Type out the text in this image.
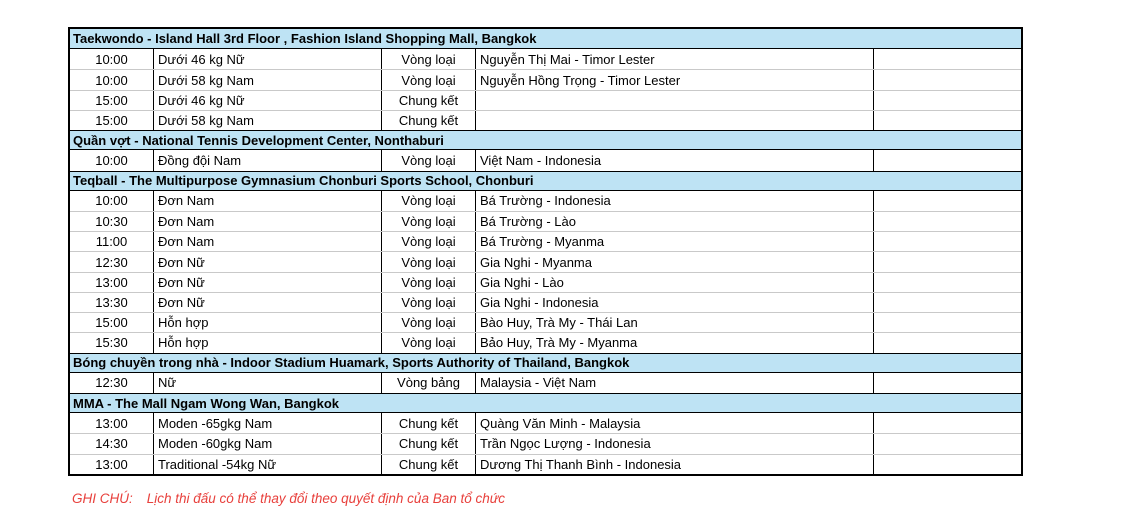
Taekwondo - Island Hall 3rd Floor , Fashion Island Shopping Mall, Bangkok
10:00	Dưới 46 kg Nữ	Vòng loại	Nguyễn Thị Mai - Timor Lester
10:00	Dưới 58 kg Nam	Vòng loại	Nguyễn Hồng Trọng - Timor Lester
15:00	Dưới 46 kg Nữ	Chung kết
15:00	Dưới 58 kg Nam	Chung kết
Quần vợt - National Tennis Development Center, Nonthaburi
10:00	Đồng đội Nam	Vòng loại	Việt Nam - Indonesia
Teqball - The Multipurpose Gymnasium Chonburi Sports School, Chonburi
10:00	Đơn Nam	Vòng loại	Bá Trường - Indonesia
10:30	Đơn Nam	Vòng loại	Bá Trường - Lào
11:00	Đơn Nam	Vòng loại	Bá Trường - Myanma
12:30	Đơn Nữ	Vòng loại	Gia Nghi - Myanma
13:00	Đơn Nữ	Vòng loại	Gia Nghi - Lào
13:30	Đơn Nữ	Vòng loại	Gia Nghi - Indonesia
15:00	Hỗn hợp	Vòng loại	Bào Huy, Trà My - Thái Lan
15:30	Hỗn hợp	Vòng loại	Bảo Huy, Trà My - Myanma
Bóng chuyền trong nhà - Indoor Stadium Huamark, Sports Authority of Thailand, Bangkok
12:30	Nữ	Vòng bảng	Malaysia - Việt Nam
MMA - The Mall Ngam Wong Wan, Bangkok
13:00	Moden -65gkg Nam	Chung kết	Quàng Văn Minh - Malaysia
14:30	Moden -60gkg Nam	Chung kết	Trần Ngọc Lượng - Indonesia
13:00	Traditional -54kg Nữ	Chung kết	Dương Thị Thanh Bình - Indonesia
GHI CHÚ: Lịch thi đấu có thể thay đổi theo quyết định của Ban tổ chức
